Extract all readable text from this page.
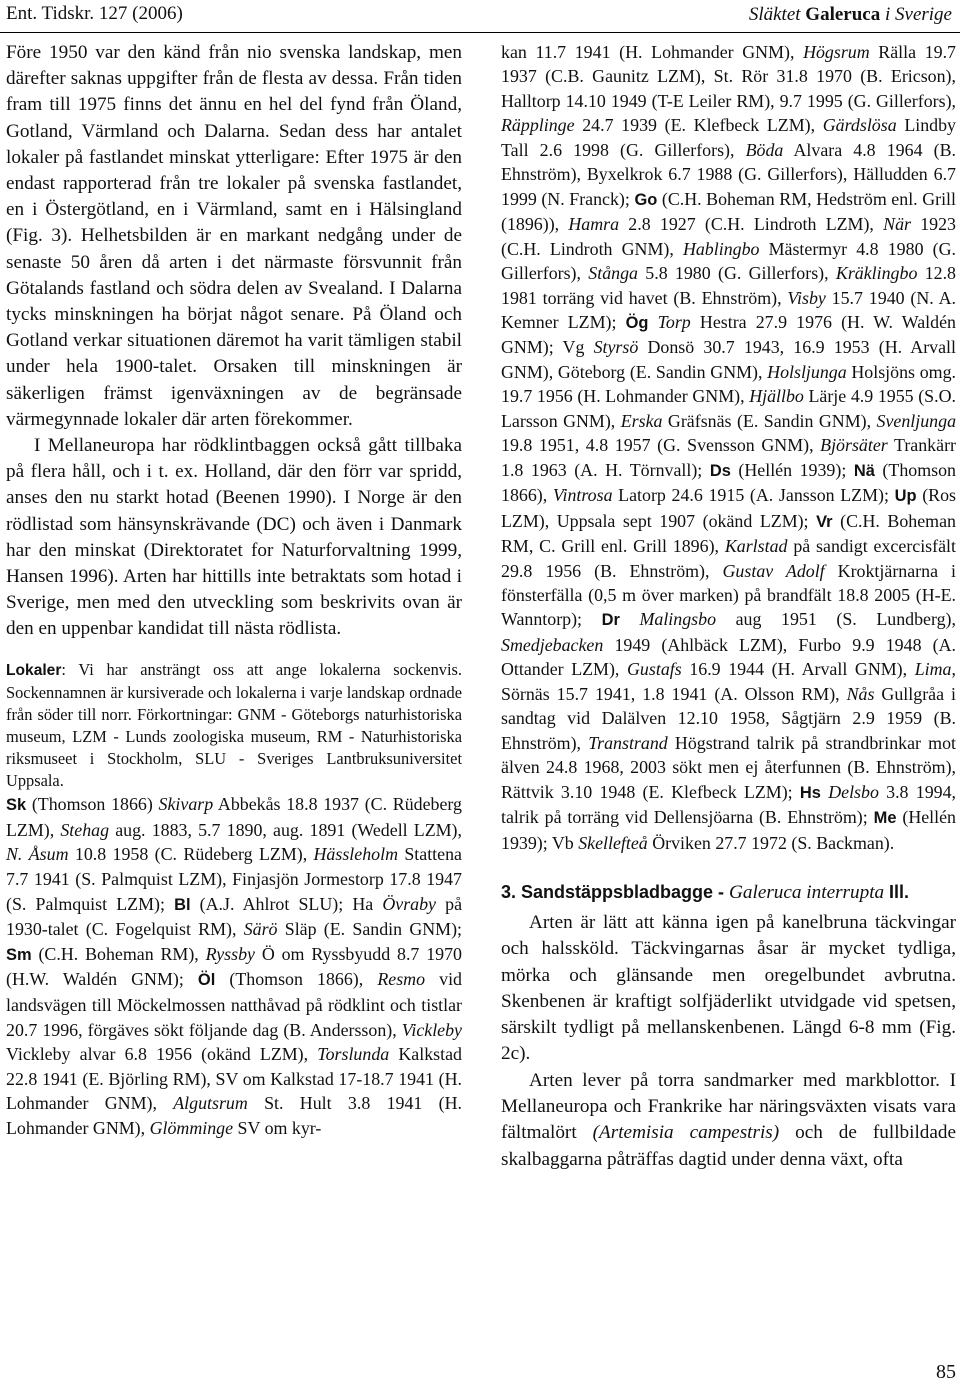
Ent. Tidskr. 127 (2006)	Släktet Galeruca i Sverige

Före 1950 var den känd från nio svenska landskap, men därefter saknas uppgifter från de flesta av dessa. Från tiden fram till 1975 finns det ännu en hel del fynd från Öland, Gotland, Värmland och Dalarna. Sedan dess har antalet lokaler på fastlandet minskat ytterligare: Efter 1975 är den endast rapporterad från tre lokaler på svenska fastlandet, en i Östergötland, en i Värmland, samt en i Hälsingland (Fig. 3). Helhetsbilden är en markant nedgång under de senaste 50 åren då arten i det närmaste försvunnit från Götalands fastland och södra delen av Svealand. I Dalarna tycks minskningen ha börjat något senare. På Öland och Gotland verkar situationen däremot ha varit tämligen stabil under hela 1900-talet. Orsaken till minskningen är säkerligen främst igenväxningen av de begränsade värmegynnade lokaler där arten förekommer.

I Mellaneuropa har rödklintbaggen också gått tillbaka på flera håll, och i t. ex. Holland, där den förr var spridd, anses den nu starkt hotad (Beenen 1990). I Norge är den rödlistad som hänsynskrävande (DC) och även i Danmark har den minskat (Direktoratet for Naturforvaltning 1999, Hansen 1996). Arten har hittills inte betraktats som hotad i Sverige, men med den utveckling som beskrivits ovan är den en uppenbar kandidat till nästa rödlista.

Lokaler: Vi har ansträngt oss att ange lokalerna sockenvis. Sockennamnen är kursiverade och lokalerna i varje landskap ordnade från söder till norr. Förkortningar: GNM - Göteborgs naturhistoriska museum, LZM - Lunds zoologiska museum, RM - Naturhistoriska riksmuseet i Stockholm, SLU - Sveriges Lantbruksuniversitet Uppsala.

Sk (Thomson 1866) Skivarp Abbekås 18.8 1937 (C. Rüdeberg LZM), Stehag aug. 1883, 5.7 1890, aug. 1891 (Wedell LZM), N. Åsum 10.8 1958 (C. Rüdeberg LZM), Hässleholm Stattena 7.7 1941 (S. Palmquist LZM), Finjasjön Jormestorp 17.8 1947 (S. Palmquist LZM); Bl (A.J. Ahlrot SLU); Ha Övraby på 1930-talet (C. Fogelquist RM), Särö Släp (E. Sandin GNM); Sm (C.H. Boheman RM), Ryssby Ö om Ryssbyudd 8.7 1970 (H.W. Waldén GNM); Öl (Thomson 1866), Resmo vid landsvägen till Möckelmossen natthåvad på rödklint och tistlar 20.7 1996, förgäves sökt följande dag (B. Andersson), Vickleby Vickleby alvar 6.8 1956 (okänd LZM), Torslunda Kalkstad 22.8 1941 (E. Björling RM), SV om Kalkstad 17-18.7 1941 (H. Lohmander GNM), Algutsrum St. Hult 3.8 1941 (H. Lohmander GNM), Glömminge SV om kyr-

kan 11.7 1941 (H. Lohmander GNM), Högsrum Rälla 19.7 1937 (C.B. Gaunitz LZM), St. Rör 31.8 1970 (B. Ericson), Halltorp 14.10 1949 (T-E Leiler RM), 9.7 1995 (G. Gillerfors), Räpplinge 24.7 1939 (E. Klefbeck LZM), Gärdslösa Lindby Tall 2.6 1998 (G. Gillerfors), Böda Alvara 4.8 1964 (B. Ehnström), Byxelkrok 6.7 1988 (G. Gillerfors), Hälludden 6.7 1999 (N. Franck); Go (C.H. Boheman RM, Hedström enl. Grill (1896)), Hamra 2.8 1927 (C.H. Lindroth LZM), När 1923 (C.H. Lindroth GNM), Hablingbo Mästermyr 4.8 1980 (G. Gillerfors), Stånga 5.8 1980 (G. Gillerfors), Kräklingbo 12.8 1981 torräng vid havet (B. Ehnström), Visby 15.7 1940 (N. A. Kemner LZM); Ög Torp Hestra 27.9 1976 (H. W. Waldén GNM); Vg Styrsö Donsö 30.7 1943, 16.9 1953 (H. Arvall GNM), Göteborg (E. Sandin GNM), Holsljunga Holsjöns omg. 19.7 1956 (H. Lohmander GNM), Hjällbo Lärje 4.9 1955 (S.O. Larsson GNM), Erska Gräfsnäs (E. Sandin GNM), Svenljunga 19.8 1951, 4.8 1957 (G. Svensson GNM), Björsäter Trankärr 1.8 1963 (A. H. Törnvall); Ds (Hellén 1939); Nä (Thomson 1866), Vintrosa Latorp 24.6 1915 (A. Jansson LZM); Up (Ros LZM), Uppsala sept 1907 (okänd LZM); Vr (C.H. Boheman RM, C. Grill enl. Grill 1896), Karlstad på sandigt excercisfält 29.8 1956 (B. Ehnström), Gustav Adolf Kroktjärnarna i fönsterfälla (0,5 m över marken) på brandfält 18.8 2005 (H-E. Wanntorp); Dr Malingsbo aug 1951 (S. Lundberg), Smedjebacken 1949 (Ahlbäck LZM), Furbo 9.9 1948 (A. Ottander LZM), Gustafs 16.9 1944 (H. Arvall GNM), Lima, Sörnäs 15.7 1941, 1.8 1941 (A. Olsson RM), Nås Gullgråa i sandtag vid Dalälven 12.10 1958, Sågtjärn 2.9 1959 (B. Ehnström), Transtrand Högstrand talrik på strandbrinkar mot älven 24.8 1968, 2003 sökt men ej återfunnen (B. Ehnström), Rättvik 3.10 1948 (E. Klefbeck LZM); Hs Delsbo 3.8 1994, talrik på torräng vid Dellensjöarna (B. Ehnström); Me (Hellén 1939); Vb Skellefteå Örviken 27.7 1972 (S. Backman).

3. Sandstäppsbladbagge - Galeruca interrupta Ill.

Arten är lätt att känna igen på kanelbruna täckvingar och halssköld. Täckvingarnas åsar är mycket tydliga, mörka och glänsande men oregelbundet avbrutna. Skenbenen är kraftigt solfjäderlikt utvidgade vid spetsen, särskilt tydligt på mellanskenbenen. Längd 6-8 mm (Fig. 2c).

Arten lever på torra sandmarker med markblottor. I Mellaneuropa och Frankrike har näringsväxten visats vara fältmalört (Artemisia campestris) och de fullbildade skalbaggarna påträffas dagtid under denna växt, ofta

85
